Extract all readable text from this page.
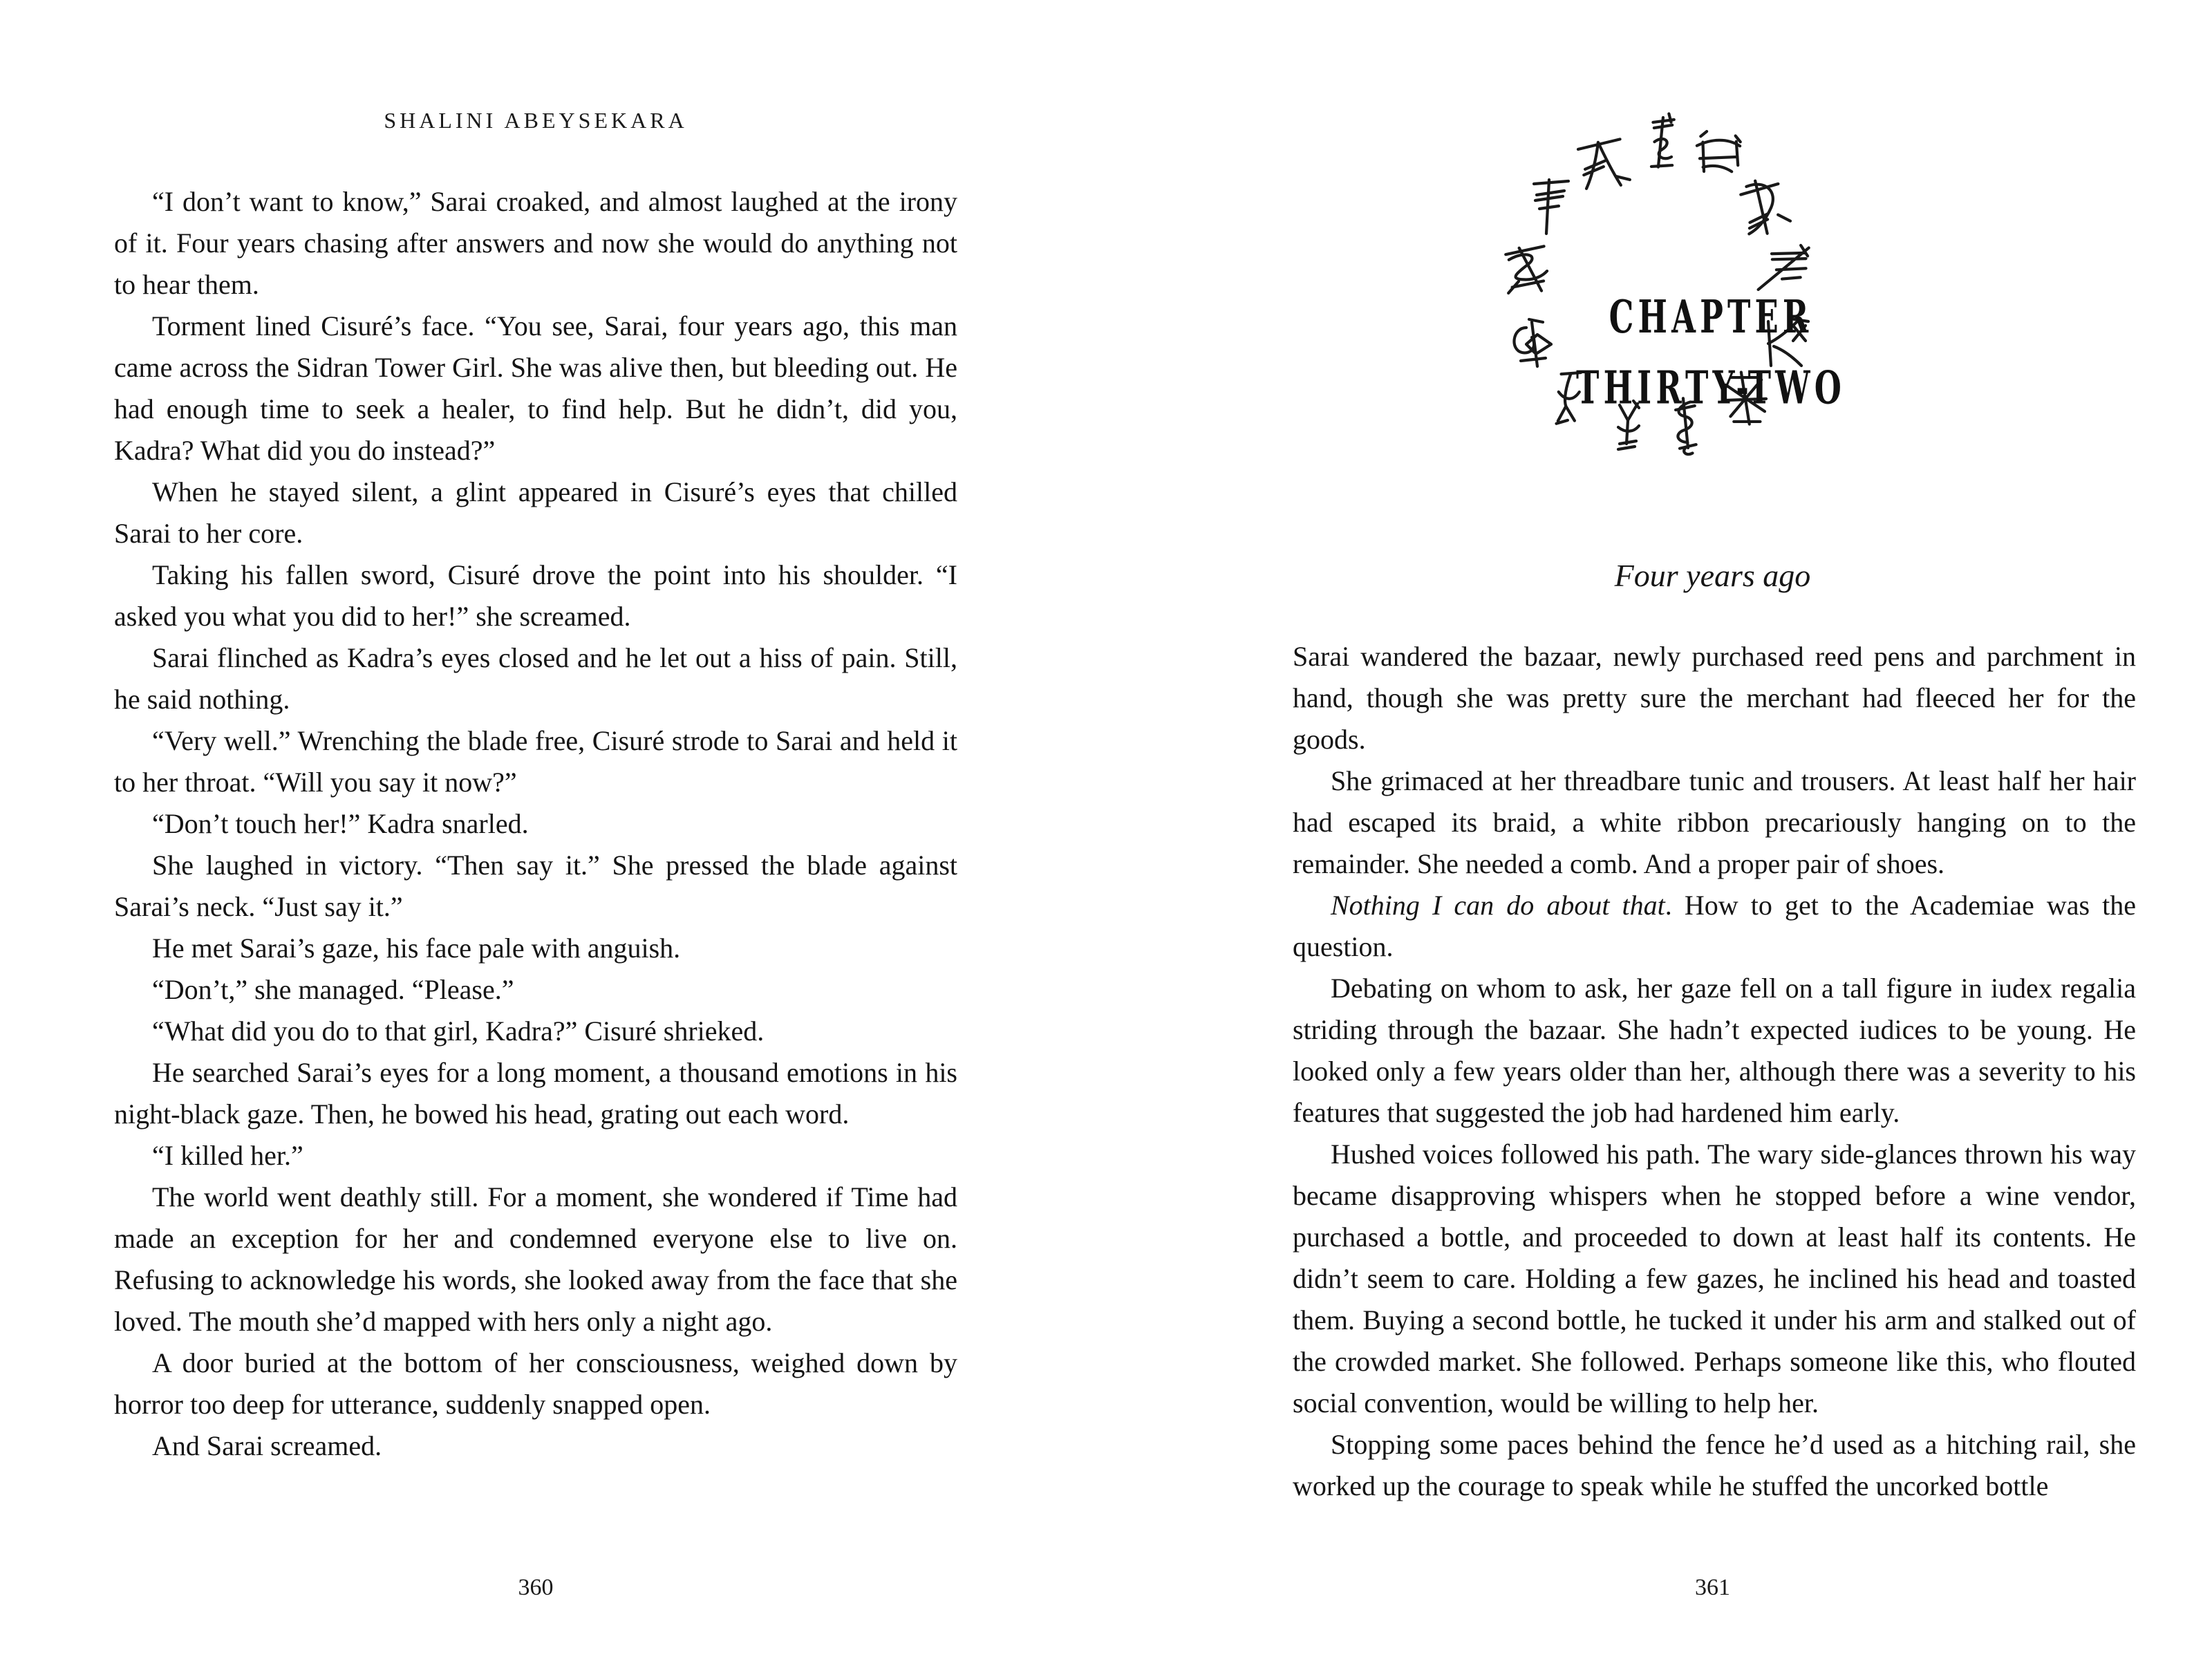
SHALINI ABEYSEKARA

“I don’t want to know,” Sarai croaked, and almost laughed at the irony of it. Four years chasing after answers and now she would do anything not to hear them.

Torment lined Cisuré’s face. “You see, Sarai, four years ago, this man came across the Sidran Tower Girl. She was alive then, but bleeding out. He had enough time to seek a healer, to find help. But he didn’t, did you, Kadra? What did you do instead?”

When he stayed silent, a glint appeared in Cisuré’s eyes that chilled Sarai to her core.

Taking his fallen sword, Cisuré drove the point into his shoulder. “I asked you what you did to her!” she screamed.

Sarai flinched as Kadra’s eyes closed and he let out a hiss of pain. Still, he said nothing.

“Very well.” Wrenching the blade free, Cisuré strode to Sarai and held it to her throat. “Will you say it now?”

“Don’t touch her!” Kadra snarled.

She laughed in victory. “Then say it.” She pressed the blade against Sarai’s neck. “Just say it.”

He met Sarai’s gaze, his face pale with anguish.

“Don’t,” she managed. “Please.”

“What did you do to that girl, Kadra?” Cisuré shrieked.

He searched Sarai’s eyes for a long moment, a thousand emotions in his night-black gaze. Then, he bowed his head, grating out each word.

“I killed her.”

The world went deathly still. For a moment, she wondered if Time had made an exception for her and condemned everyone else to live on. Refusing to acknowledge his words, she looked away from the face that she loved. The mouth she’d mapped with hers only a night ago.

A door buried at the bottom of her consciousness, weighed down by horror too deep for utterance, suddenly snapped open.

And Sarai screamed.

360
CHAPTER
THIRTY-TWO
Four years ago

Sarai wandered the bazaar, newly purchased reed pens and parchment in hand, though she was pretty sure the merchant had fleeced her for the goods.

She grimaced at her threadbare tunic and trousers. At least half her hair had escaped its braid, a white ribbon precariously hanging on to the remainder. She needed a comb. And a proper pair of shoes.

Nothing I can do about that. How to get to the Academiae was the question.

Debating on whom to ask, her gaze fell on a tall figure in iudex regalia striding through the bazaar. She hadn’t expected iudices to be young. He looked only a few years older than her, although there was a severity to his features that suggested the job had hardened him early.

Hushed voices followed his path. The wary side-glances thrown his way became disapproving whispers when he stopped before a wine vendor, purchased a bottle, and proceeded to down at least half its contents. He didn’t seem to care. Holding a few gazes, he inclined his head and toasted them. Buying a second bottle, he tucked it under his arm and stalked out of the crowded market. She followed. Perhaps someone like this, who flouted social convention, would be willing to help her.

Stopping some paces behind the fence he’d used as a hitching rail, she worked up the courage to speak while he stuffed the uncorked bottle

361
